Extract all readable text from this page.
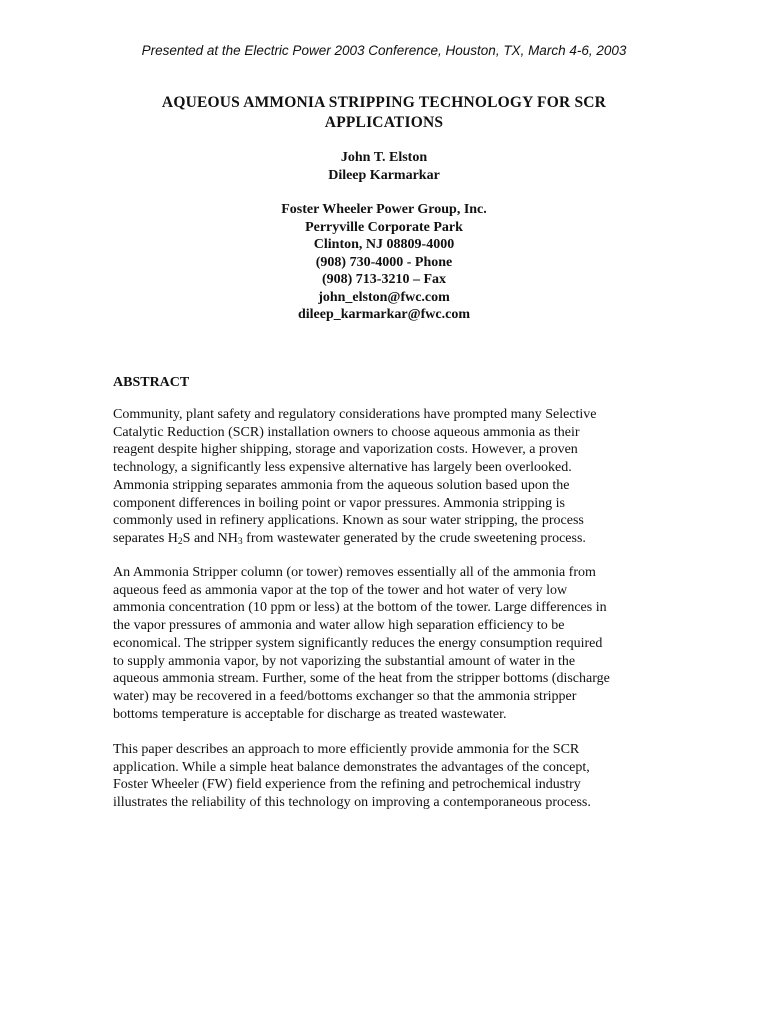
Presented at the Electric Power 2003 Conference, Houston, TX, March 4-6, 2003
AQUEOUS AMMONIA STRIPPING TECHNOLOGY FOR SCR
APPLICATIONS
John T. Elston
Dileep Karmarkar
Foster Wheeler Power Group, Inc.
Perryville Corporate Park
Clinton, NJ 08809-4000
(908) 730-4000 - Phone
(908) 713-3210 – Fax
john_elston@fwc.com
dileep_karmarkar@fwc.com
ABSTRACT
Community, plant safety and regulatory considerations have prompted many Selective
Catalytic Reduction (SCR) installation owners to choose aqueous ammonia as their
reagent despite higher shipping, storage and vaporization costs. However, a proven
technology, a significantly less expensive alternative has largely been overlooked.
Ammonia stripping separates ammonia from the aqueous solution based upon the
component differences in boiling point or vapor pressures. Ammonia stripping is
commonly used in refinery applications. Known as sour water stripping, the process
separates $H_2S$ and $NH_3$ from wastewater generated by the crude sweetening process.
An Ammonia Stripper column (or tower) removes essentially all of the ammonia from
aqueous feed as ammonia vapor at the top of the tower and hot water of very low
ammonia concentration (10 ppm or less) at the bottom of the tower. Large differences in
the vapor pressures of ammonia and water allow high separation efficiency to be
economical. The stripper system significantly reduces the energy consumption required
to supply ammonia vapor, by not vaporizing the substantial amount of water in the
aqueous ammonia stream. Further, some of the heat from the stripper bottoms (discharge
water) may be recovered in a feed/bottoms exchanger so that the ammonia stripper
bottoms temperature is acceptable for discharge as treated wastewater.
This paper describes an approach to more efficiently provide ammonia for the SCR
application. While a simple heat balance demonstrates the advantages of the concept,
Foster Wheeler (FW) field experience from the refining and petrochemical industry
illustrates the reliability of this technology on improving a contemporaneous process.
